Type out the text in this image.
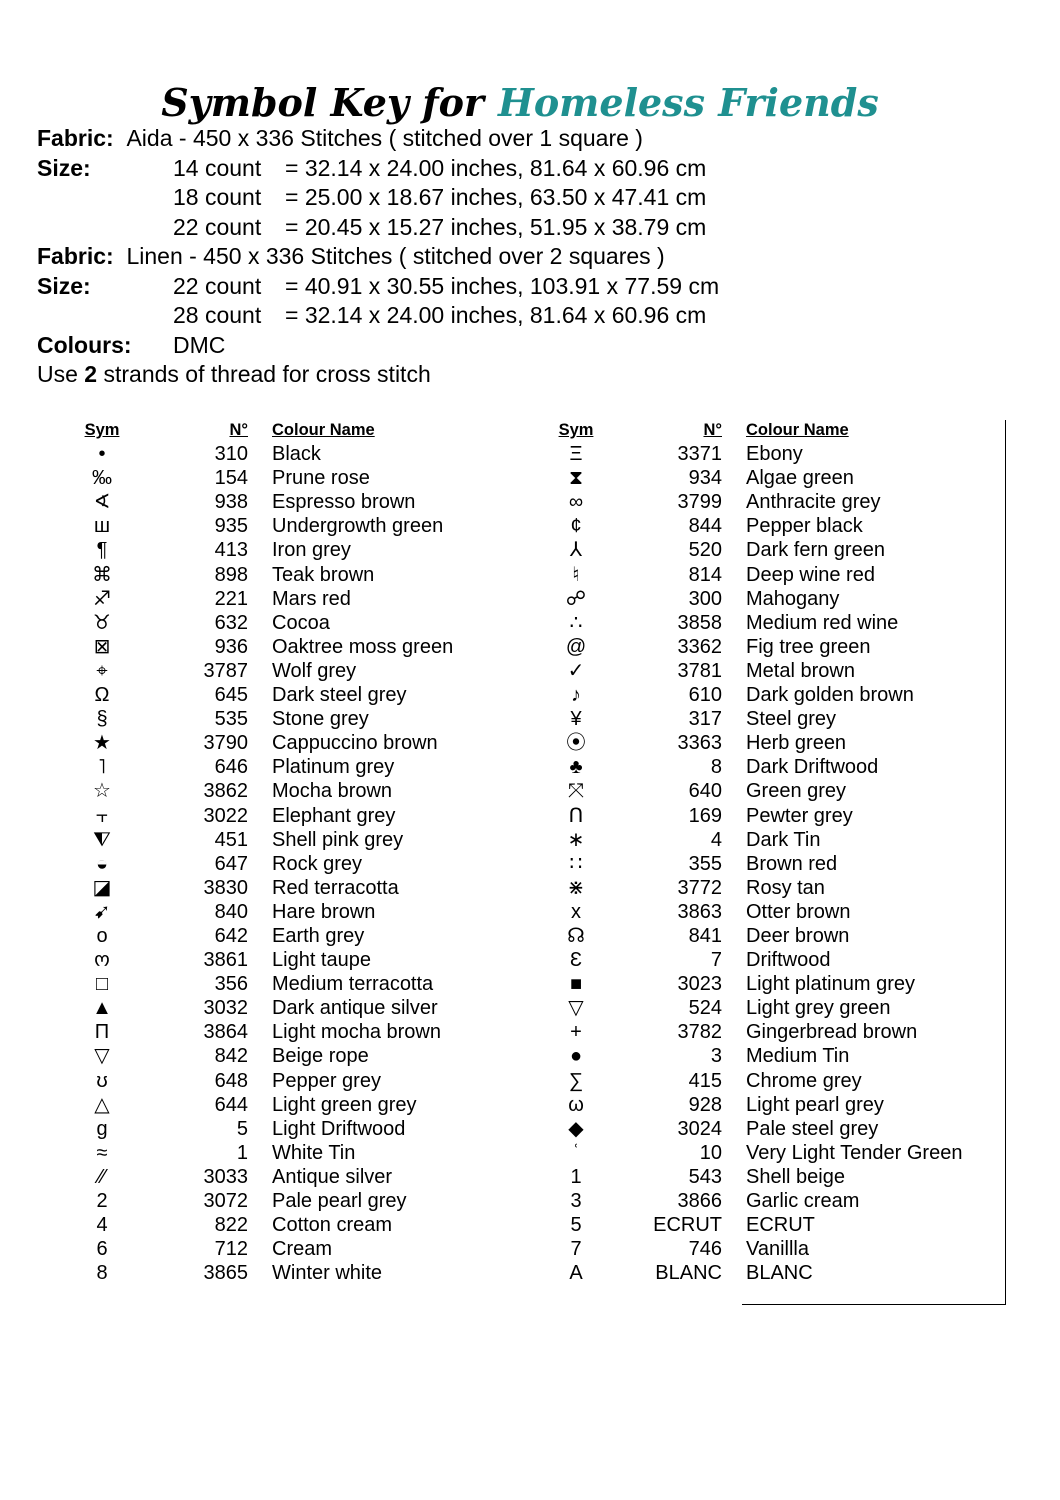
Symbol Key for Homeless Friends
Fabric:
Aida - 450 x 336 Stitches ( stitched over 1 square )
Size:	14 count	= 32.14 x 24.00 inches, 81.64 x 60.96 cm
18 count	= 25.00 x 18.67 inches, 63.50 x 47.41 cm
22 count	= 20.45 x 15.27 inches, 51.95 x 38.79 cm
Fabric:
Linen - 450 x 336 Stitches ( stitched over 2 squares )
Size:	22 count	= 40.91 x 30.55 inches, 103.91 x 77.59 cm
28 count	= 32.14 x 24.00 inches, 81.64 x 60.96 cm
Colours:	DMC
Use
2
strands of thread for cross stitch
Sym	N°	Colour Name
•	310	Black
‰	154	Prune rose
∢	938	Espresso brown
ш	935	Undergrowth green
¶	413	Iron grey
⌘	898	Teak brown
♐	221	Mars red
♉	632	Cocoa
⊠	936	Oaktree moss green
⌖	3787	Wolf grey
Ω	645	Dark steel grey
§	535	Stone grey
★	3790	Cappuccino brown
˥	646	Platinum grey
☆	3862	Mocha brown
⫟	3022	Elephant grey
⧨	451	Shell pink grey
◒	647	Rock grey
◪	3830	Red terracotta
➹	840	Hare brown
o	642	Earth grey
ო	3861	Light taupe
□	356	Medium terracotta
▲	3032	Dark antique silver
Π	3864	Light mocha brown
▽	842	Beige rope
ʊ	648	Pepper grey
△	644	Light green grey
g	5	Light Driftwood
≈	1	White Tin
⁄⁄	3033	Antique silver
2	3072	Pale pearl grey
4	822	Cotton cream
6	712	Cream
8	3865	Winter white
Sym	N°	Colour Name
Ξ	3371	Ebony
⧗	934	Algae green
∞	3799	Anthracite grey
¢	844	Pepper black
⅄	520	Dark fern green
♮	814	Deep wine red
☍	300	Mahogany
∴	3858	Medium red wine
@	3362	Fig tree green
✓	3781	Metal brown
♪	610	Dark golden brown
¥	317	Steel grey
⦿	3363	Herb green
♣	8	Dark Driftwood
⤧	640	Green grey
ᑎ	169	Pewter grey
∗	4	Dark Tin
∷	355	Brown red
⋇	3772	Rosy tan
x	3863	Otter brown
☊	841	Deer brown
Ɛ	7	Driftwood
■	3023	Light platinum grey
▽	524	Light grey green
+	3782	Gingerbread brown
●	3	Medium Tin
∑	415	Chrome grey
ω	928	Light pearl grey
◆	3024	Pale steel grey
ʿ	10	Very Light Tender Green
1	543	Shell beige
3	3866	Garlic cream
5	ECRUT	ECRUT
7	746	Vanillla
A	BLANC	BLANC
